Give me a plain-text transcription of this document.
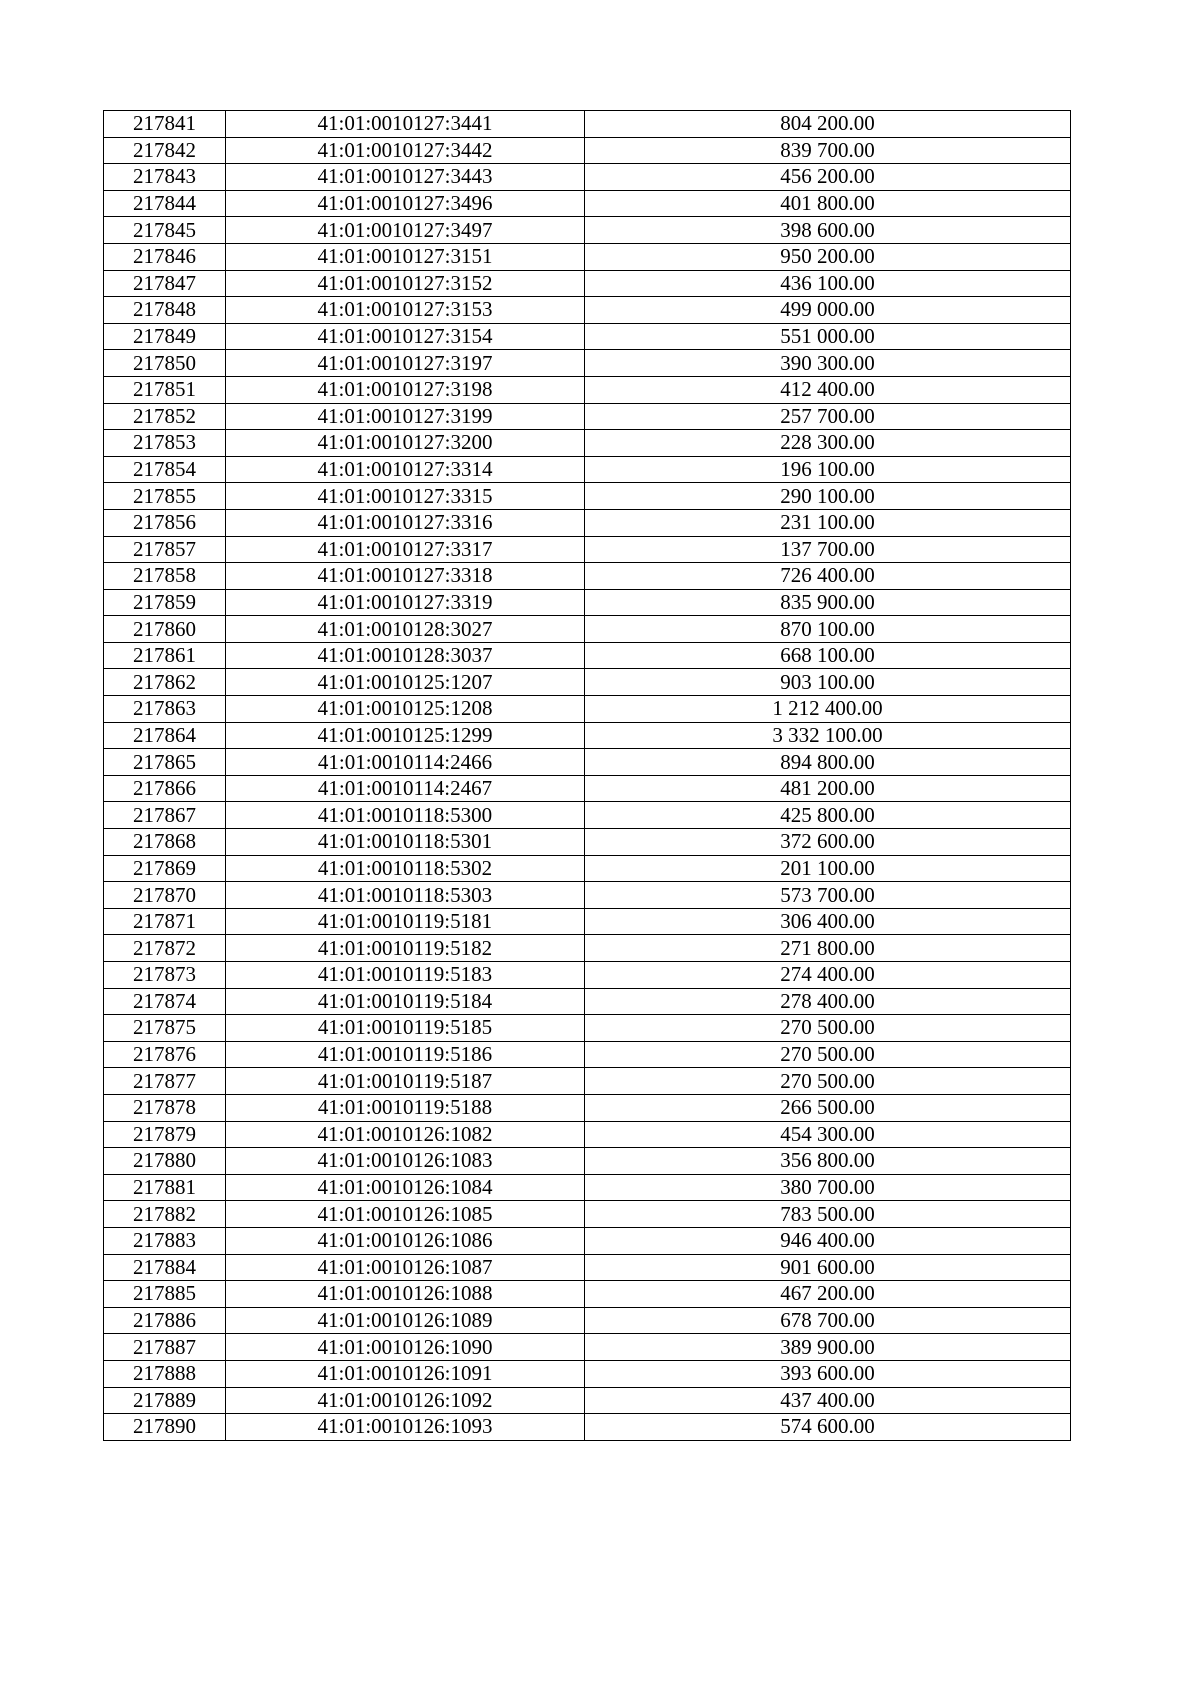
217841	41:01:0010127:3441	804 200.00
217842	41:01:0010127:3442	839 700.00
217843	41:01:0010127:3443	456 200.00
217844	41:01:0010127:3496	401 800.00
217845	41:01:0010127:3497	398 600.00
217846	41:01:0010127:3151	950 200.00
217847	41:01:0010127:3152	436 100.00
217848	41:01:0010127:3153	499 000.00
217849	41:01:0010127:3154	551 000.00
217850	41:01:0010127:3197	390 300.00
217851	41:01:0010127:3198	412 400.00
217852	41:01:0010127:3199	257 700.00
217853	41:01:0010127:3200	228 300.00
217854	41:01:0010127:3314	196 100.00
217855	41:01:0010127:3315	290 100.00
217856	41:01:0010127:3316	231 100.00
217857	41:01:0010127:3317	137 700.00
217858	41:01:0010127:3318	726 400.00
217859	41:01:0010127:3319	835 900.00
217860	41:01:0010128:3027	870 100.00
217861	41:01:0010128:3037	668 100.00
217862	41:01:0010125:1207	903 100.00
217863	41:01:0010125:1208	1 212 400.00
217864	41:01:0010125:1299	3 332 100.00
217865	41:01:0010114:2466	894 800.00
217866	41:01:0010114:2467	481 200.00
217867	41:01:0010118:5300	425 800.00
217868	41:01:0010118:5301	372 600.00
217869	41:01:0010118:5302	201 100.00
217870	41:01:0010118:5303	573 700.00
217871	41:01:0010119:5181	306 400.00
217872	41:01:0010119:5182	271 800.00
217873	41:01:0010119:5183	274 400.00
217874	41:01:0010119:5184	278 400.00
217875	41:01:0010119:5185	270 500.00
217876	41:01:0010119:5186	270 500.00
217877	41:01:0010119:5187	270 500.00
217878	41:01:0010119:5188	266 500.00
217879	41:01:0010126:1082	454 300.00
217880	41:01:0010126:1083	356 800.00
217881	41:01:0010126:1084	380 700.00
217882	41:01:0010126:1085	783 500.00
217883	41:01:0010126:1086	946 400.00
217884	41:01:0010126:1087	901 600.00
217885	41:01:0010126:1088	467 200.00
217886	41:01:0010126:1089	678 700.00
217887	41:01:0010126:1090	389 900.00
217888	41:01:0010126:1091	393 600.00
217889	41:01:0010126:1092	437 400.00
217890	41:01:0010126:1093	574 600.00
